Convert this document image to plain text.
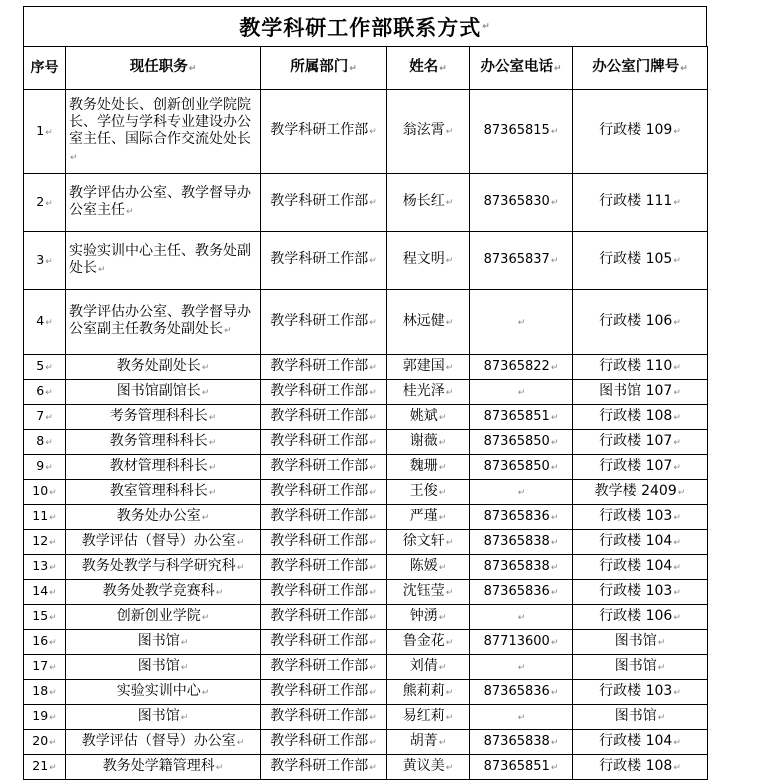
教学科研工作部联系方式 ↵
序号	现任职务↵	所属部门↵	姓名↵	办公室电话↵	办公室门牌号↵
1↵	教务处处长、创新创业学院院长、学位与学科专业建设办公室主任、国际合作交流处处长↵	教学科研工作部↵	翁泫霄↵	87365815↵	行政楼 109↵
2↵	教学评估办公室、教学督导办公室主任↵	教学科研工作部↵	杨长红↵	87365830↵	行政楼 111↵
3↵	实验实训中心主任、教务处副处长↵	教学科研工作部↵	程文明↵	87365837↵	行政楼 105↵
4↵	教学评估办公室、教学督导办公室副主任教务处副处长↵	教学科研工作部↵	林远健↵	↵	行政楼 106↵
5↵	教务处副处长↵	教学科研工作部↵	郭建国↵	87365822↵	行政楼 110↵
6↵	图书馆副馆长↵	教学科研工作部↵	桂光泽↵	↵	图书馆 107↵
7↵	考务管理科科长↵	教学科研工作部↵	姚斌↵	87365851↵	行政楼 108↵
8↵	教务管理科科长↵	教学科研工作部↵	谢薇↵	87365850↵	行政楼 107↵
9↵	教材管理科科长↵	教学科研工作部↵	魏珊↵	87365850↵	行政楼 107↵
10↵	教室管理科科长↵	教学科研工作部↵	王俊↵	↵	教学楼 2409↵
11↵	教务处办公室↵	教学科研工作部↵	严瑾↵	87365836↵	行政楼 103↵
12↵	教学评估（督导）办公室↵	教学科研工作部↵	徐文轩↵	87365838↵	行政楼 104↵
13↵	教务处教学与科学研究科↵	教学科研工作部↵	陈媛↵	87365838↵	行政楼 104↵
14↵	教务处教学竞赛科↵	教学科研工作部↵	沈钰莹↵	87365836↵	行政楼 103↵
15↵	创新创业学院↵	教学科研工作部↵	钟湧↵	↵	行政楼 106↵
16↵	图书馆↵	教学科研工作部↵	鲁金花↵	87713600↵	图书馆↵
17↵	图书馆↵	教学科研工作部↵	刘倩↵	↵	图书馆↵
18↵	实验实训中心↵	教学科研工作部↵	熊莉莉↵	87365836↵	行政楼 103↵
19↵	图书馆↵	教学科研工作部↵	易红莉↵	↵	图书馆↵
20↵	教学评估（督导）办公室↵	教学科研工作部↵	胡菁↵	87365838↵	行政楼 104↵
21↵	教务处学籍管理科↵	教学科研工作部↵	黄议美↵	87365851↵	行政楼 108↵
